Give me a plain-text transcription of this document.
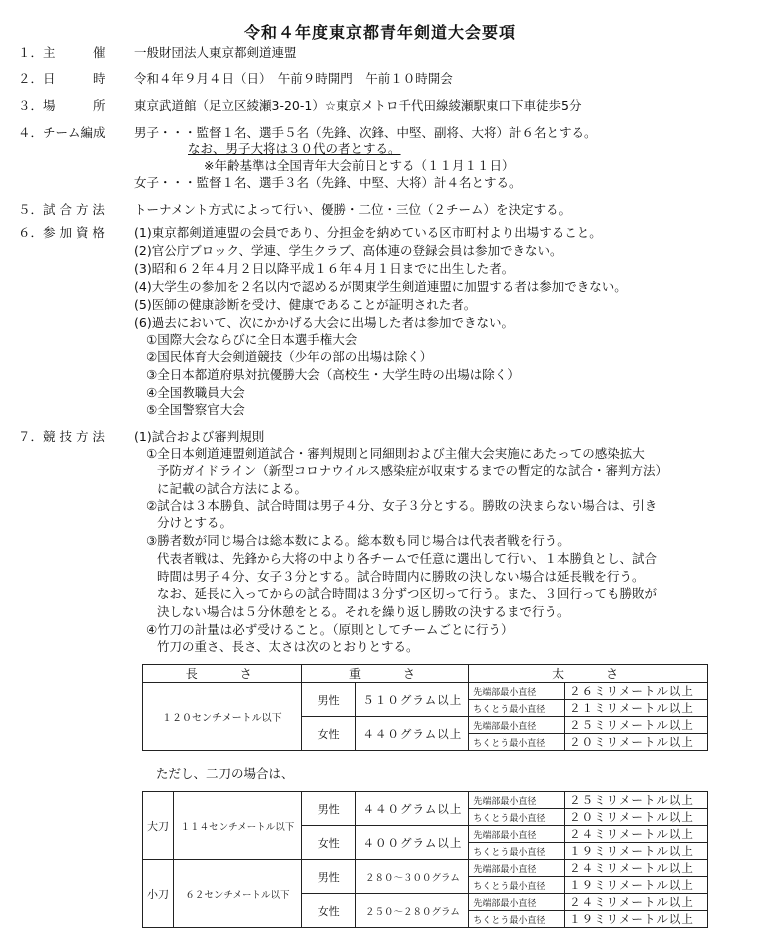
令和４年度東京都青年剣道大会要項
１．主　　　催	一般財団法人東京都剣道連盟
２．日　　　時	令和４年９月４日（日）　午前９時開門　午前１０時開会
３．場　　　所	東京武道館（足立区綾瀬3-20-1）☆東京メトロ千代田線綾瀬駅東口下車徒歩5分
４．チーム編成	男子・・・監督１名、選手５名（先鋒、次鋒、中堅、副将、大将）計６名とする。
なお、男子大将は３０代の者とする。
※年齢基準は全国青年大会前日とする（１１月１１日）
女子・・・監督１名、選手３名（先鋒、中堅、大将）計４名とする。
５．試 合 方 法	トーナメント方式によって行い、優勝・二位・三位（２チーム）を決定する。
６．参 加 資 格	(1)東京都剣道連盟の会員であり、分担金を納めている区市町村より出場すること。
(2)官公庁ブロック、学連、学生クラブ、高体連の登録会員は参加できない。
(3)昭和６２年４月２日以降平成１６年４月１日までに出生した者。
(4)大学生の参加を２名以内で認めるが関東学生剣道連盟に加盟する者は参加できない。
(5)医師の健康診断を受け、健康であることが証明された者。
(6)過去において、次にかかげる大会に出場した者は参加できない。
①国際大会ならびに全日本選手権大会
②国民体育大会剣道競技（少年の部の出場は除く）
③全日本都道府県対抗優勝大会（高校生・大学生時の出場は除く）
④全国教職員大会
⑤全国警察官大会
７．競 技 方 法	(1)試合および審判規則
①全日本剣道連盟剣道試合・審判規則と同細則および主催大会実施にあたっての感染拡大
予防ガイドライン（新型コロナウイルス感染症が収束するまでの暫定的な試合・審判方法）
に記載の試合方法による。
②試合は３本勝負、試合時間は男子４分、女子３分とする。勝敗の決まらない場合は、引き
分けとする。
③勝者数が同じ場合は総本数による。総本数も同じ場合は代表者戦を行う。
代表者戦は、先鋒から大将の中より各チームで任意に選出して行い、１本勝負とし、試合
時間は男子４分、女子３分とする。試合時間内に勝敗の決しない場合は延長戦を行う。
なお、延長に入ってからの試合時間は３分ずつ区切って行う。また、３回行っても勝敗が
決しない場合は５分休憩をとる。それを繰り返し勝敗の決するまで行う。
④竹刀の計量は必ず受けること。（原則としてチームごとに行う）
竹刀の重さ、長さ、太さは次のとおりとする。
長　　さ	重　　さ		太　　さ	
１２０センチメートル以下	男性	５１０グラム以上	先端部最小直径	２６ミリメートル以上
			ちくとう最小直径	２１ミリメートル以上
	女性	４４０グラム以上	先端部最小直径	２５ミリメートル以上
			ちくとう最小直径	２０ミリメートル以上
ただし、二刀の場合は、
大刀	１１４センチメートル以下	男性	４４０グラム以上	先端部最小直径	２５ミリメートル以上
				ちくとう最小直径	２０ミリメートル以上
		女性	４００グラム以上	先端部最小直径	２４ミリメートル以上
				ちくとう最小直径	１９ミリメートル以上
小刀	６２センチメートル以下	男性	２８０～３００グラム	先端部最小直径	２４ミリメートル以上
				ちくとう最小直径	１９ミリメートル以上
		女性	２５０～２８０グラム	先端部最小直径	２４ミリメートル以上
				ちくとう最小直径	１９ミリメートル以上
